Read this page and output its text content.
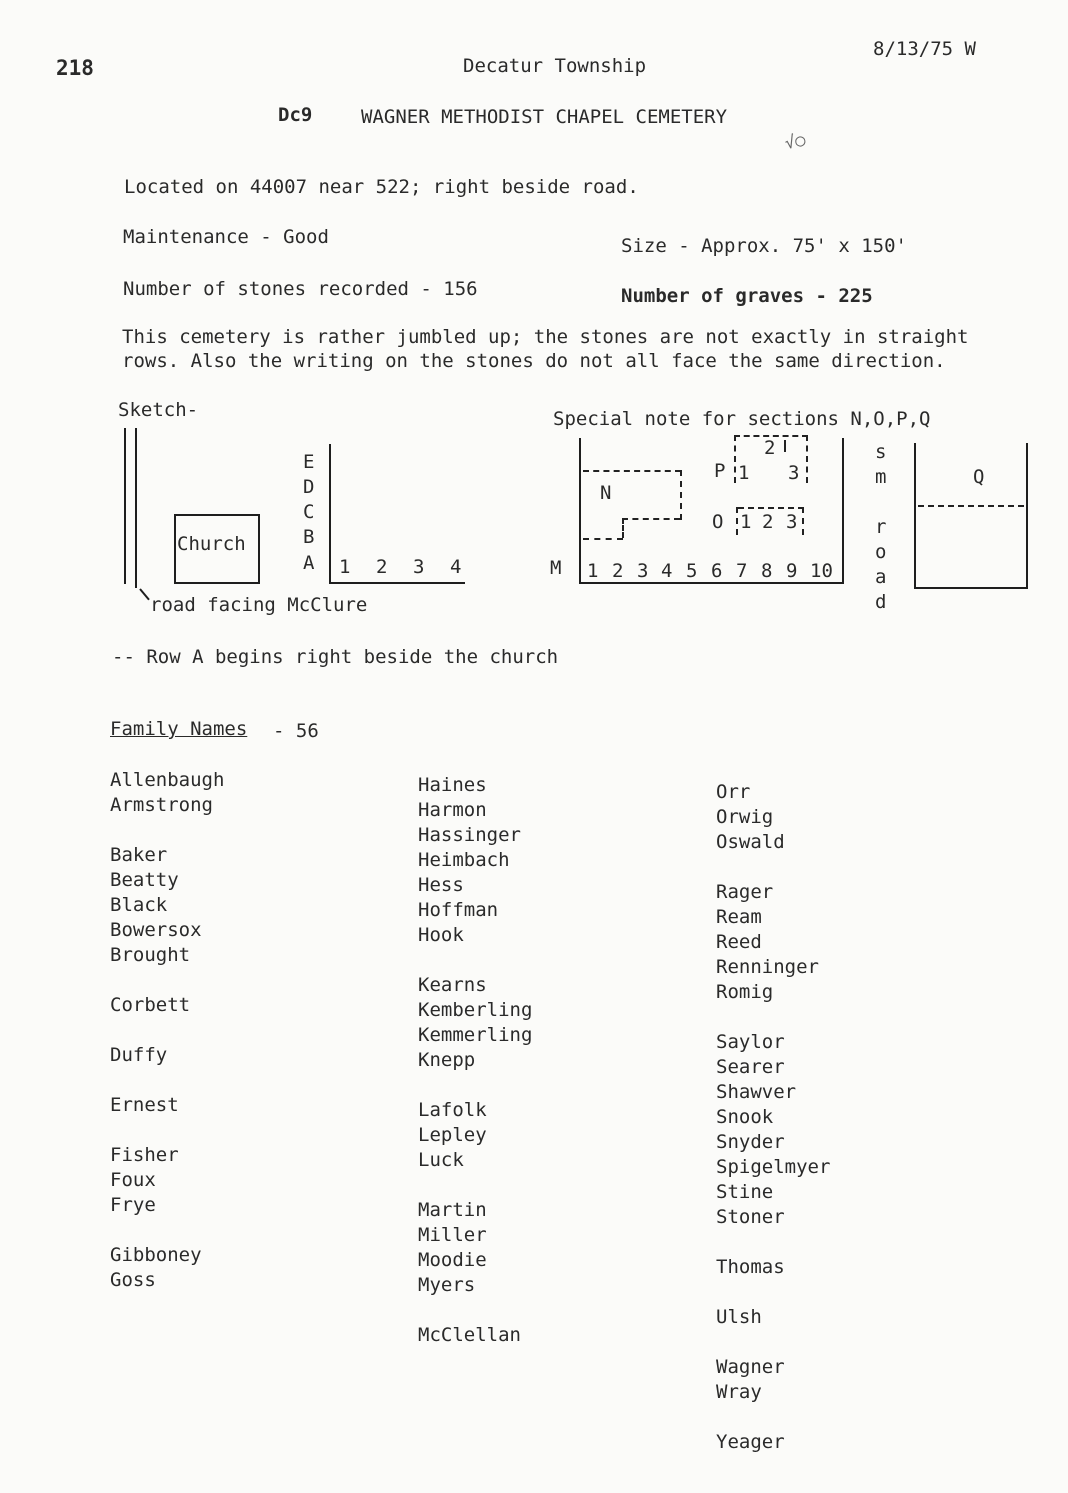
218	Decatur Township
8/13/75 W
Dc9	WAGNER METHODIST CHAPEL CEMETERY
√○
Located on 44007 near 522; right beside road.
Maintenance - Good	Size - Approx. 75' x 150'
Number of stones recorded - 156	Number of graves - 225
This cemetery is rather jumbled up; the stones are not exactly in straight
rows. Also the writing on the stones do not all face the same direction.
Sketch-
Church
road facing McClure
E
D
C
B
A 1 2 3 4
Special note for sections N,O,P,Q
N
P 1
2
3
O 1 2 3
M 1 2 3 4 5 6 7 8 9 10
s
m
r
o
a
d
Q
-- Row A begins right beside the church
Family Names - 56
Allenbaugh
Armstrong
Baker
Beatty
Black
Bowersox
Brought
Corbett
Duffy
Ernest
Fisher
Foux
Frye
Gibboney
Goss
Haines
Harmon
Hassinger
Heimbach
Hess
Hoffman
Hook
Kearns
Kemberling
Kemmerling
Knepp
Lafolk
Lepley
Luck
Martin
Miller
Moodie
Myers
McClellan
Orr
Orwig
Oswald
Rager
Ream
Reed
Renninger
Romig
Saylor
Searer
Shawver
Snook
Snyder
Spigelmyer
Stine
Stoner
Thomas
Ulsh
Wagner
Wray
Yeager
